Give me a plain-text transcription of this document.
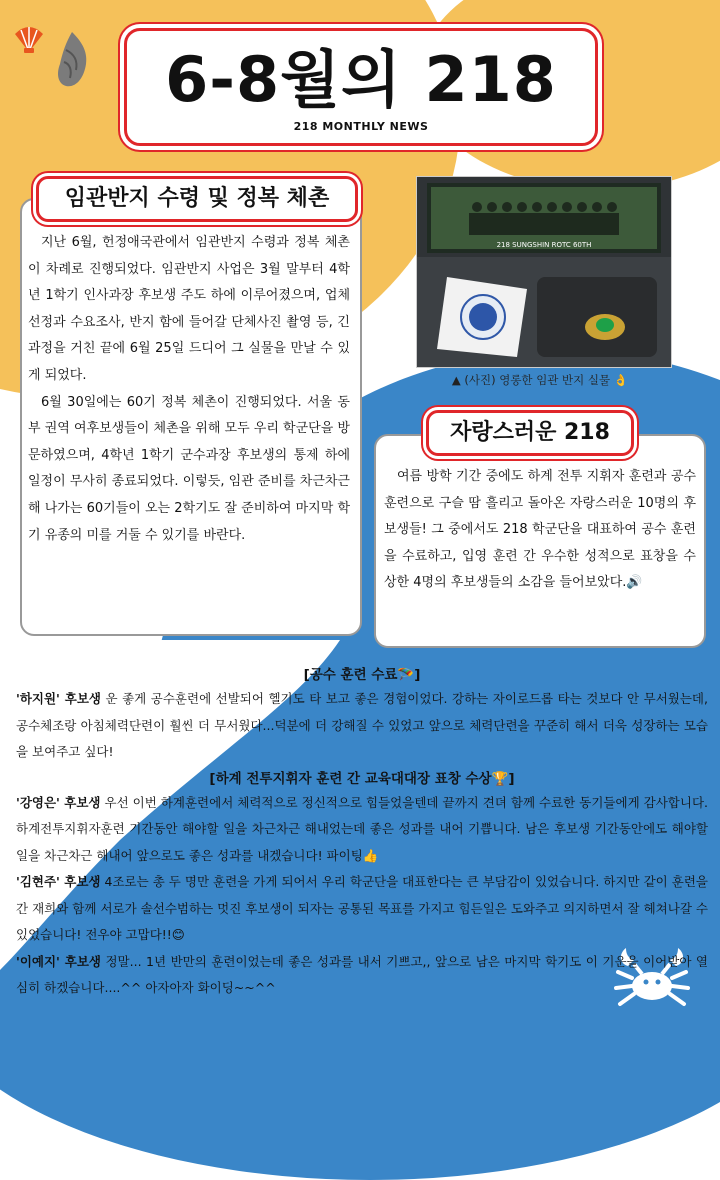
6-8월의 218
218 MONTHLY NEWS
임관반지 수령 및 정복 체촌

지난 6월, 헌정애국관에서 임관반지 수령과 정복 체촌이 차례로 진행되었다. 임관반지 사업은 3월 말부터 4학년 1학기 인사과장 후보생 주도 하에 이루어졌으며, 업체 선정과 수요조사, 반지 함에 들어갈 단체사진 촬영 등, 긴 과정을 거친 끝에 6월 25일 드디어 그 실물을 만날 수 있게 되었다.

6월 30일에는 60기 정복 체촌이 진행되었다. 서울 동부 권역 여후보생들이 체촌을 위해 모두 우리 학군단을 방문하였으며, 4학년 1학기 군수과장 후보생의 통제 하에 일정이 무사히 종료되었다. 이렇듯, 임관 준비를 차근차근 해 나가는 60기들이 오는 2학기도 잘 준비하여 마지막 학기 유종의 미를 거둘 수 있기를 바란다.

218 SUNGSHIN ROTC 60TH
▲ (사진) 영롱한 임관 반지 실물 👌
자랑스러운 218

여름 방학 기간 중에도 하계 전투 지휘자 훈련과 공수 훈련으로 구슬 땀 흘리고 돌아온 자랑스러운 10명의 후보생들! 그 중에서도 218 학군단을 대표하여 공수 훈련을 수료하고, 입영 훈련 간 우수한 성적으로 표창을 수상한 4명의 후보생들의 소감을 들어보았다.🔊

[공수 훈련 수료🪂]

'하지원' 후보생 운 좋게 공수훈련에 선발되어 헬기도 타 보고 좋은 경험이었다. 강하는 자이로드롭 타는 것보다 안 무서웠는데, 공수체조랑 아침체력단련이 훨씬 더 무서웠다...덕분에 더 강해질 수 있었고 앞으로 체력단련을 꾸준히 해서 더욱 성장하는 모습을 보여주고 싶다!

[하계 전투지휘자 훈련 간 교육대대장 표창 수상🏆]

'강영은' 후보생 우선 이번 하계훈련에서 체력적으로 정신적으로 힘들었을텐데 끝까지 견뎌 함께 수료한 동기들에게 감사합니다. 하계전투지휘자훈련 기간동안 해야할 일을 차근차근 해내었는데 좋은 성과를 내어 기쁩니다. 남은 후보생 기간동안에도 해야할 일을 차근차근 해내어 앞으로도 좋은 성과를 내겠습니다! 파이팅👍

'김현주' 후보생 4조로는 총 두 명만 훈련을 가게 되어서 우리 학군단을 대표한다는 큰 부담감이 있었습니다. 하지만 같이 훈련을 간 재희와 함께 서로가 솔선수범하는 멋진 후보생이 되자는 공통된 목표를 가지고 힘든일은 도와주고 의지하면서 잘 헤쳐나갈 수 있었습니다! 전우야 고맙다!!😊

'이예지' 후보생 정말... 1년 반만의 훈련이었는데 좋은 성과를 내서 기쁘고,, 앞으로 남은 마지막 학기도 이 기운을 이어받아 열심히 하겠습니다....^^ 아자아자 화이딩~~^^
